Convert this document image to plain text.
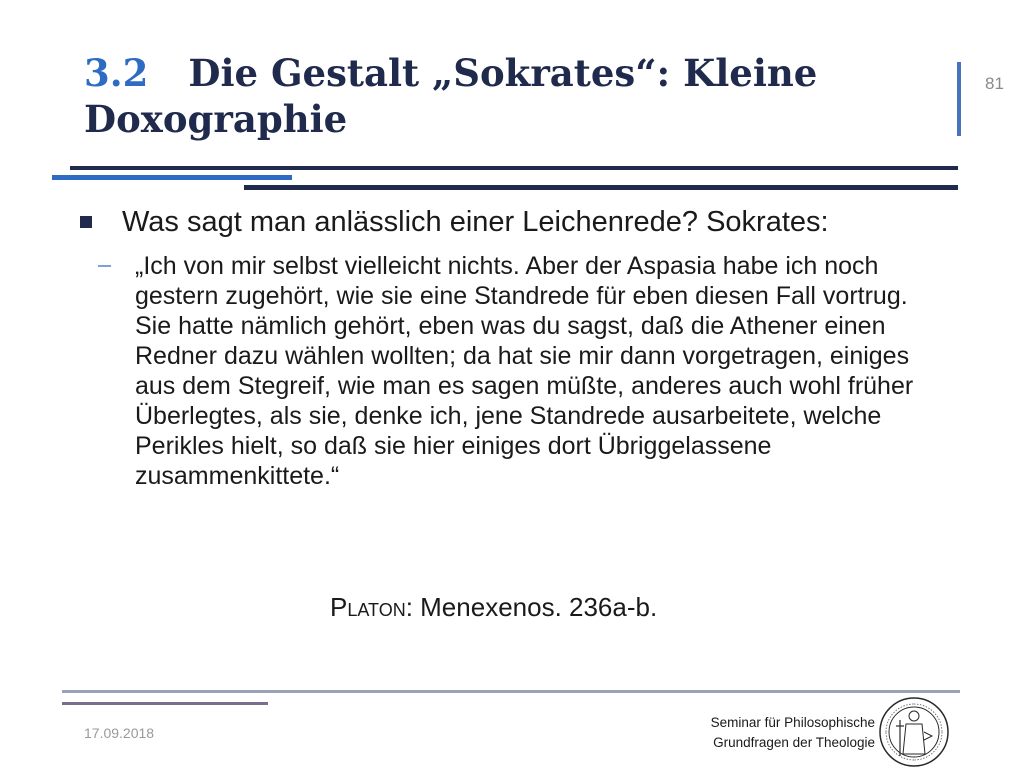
3.2 Die Gestalt „Sokrates“: Kleine Doxographie
81
Was sagt man anlässlich einer Leichenrede? Sokrates:
„Ich von mir selbst vielleicht nichts. Aber der Aspasia habe ich noch gestern zugehört, wie sie eine Standrede für eben diesen Fall vortrug. Sie hatte nämlich gehört, eben was du sagst, daß die Athener einen Redner dazu wählen wollten; da hat sie mir dann vorgetragen, einiges aus dem Stegreif, wie man es sagen müßte, anderes auch wohl früher Überlegtes, als sie, denke ich, jene Standrede ausarbeitete, welche Perikles hielt, so daß sie hier einiges dort Übriggelassene zusammenkittete.“
Platon: Menexenos. 236a-b.
17.09.2018
Seminar für Philosophische
Grundfragen der Theologie
